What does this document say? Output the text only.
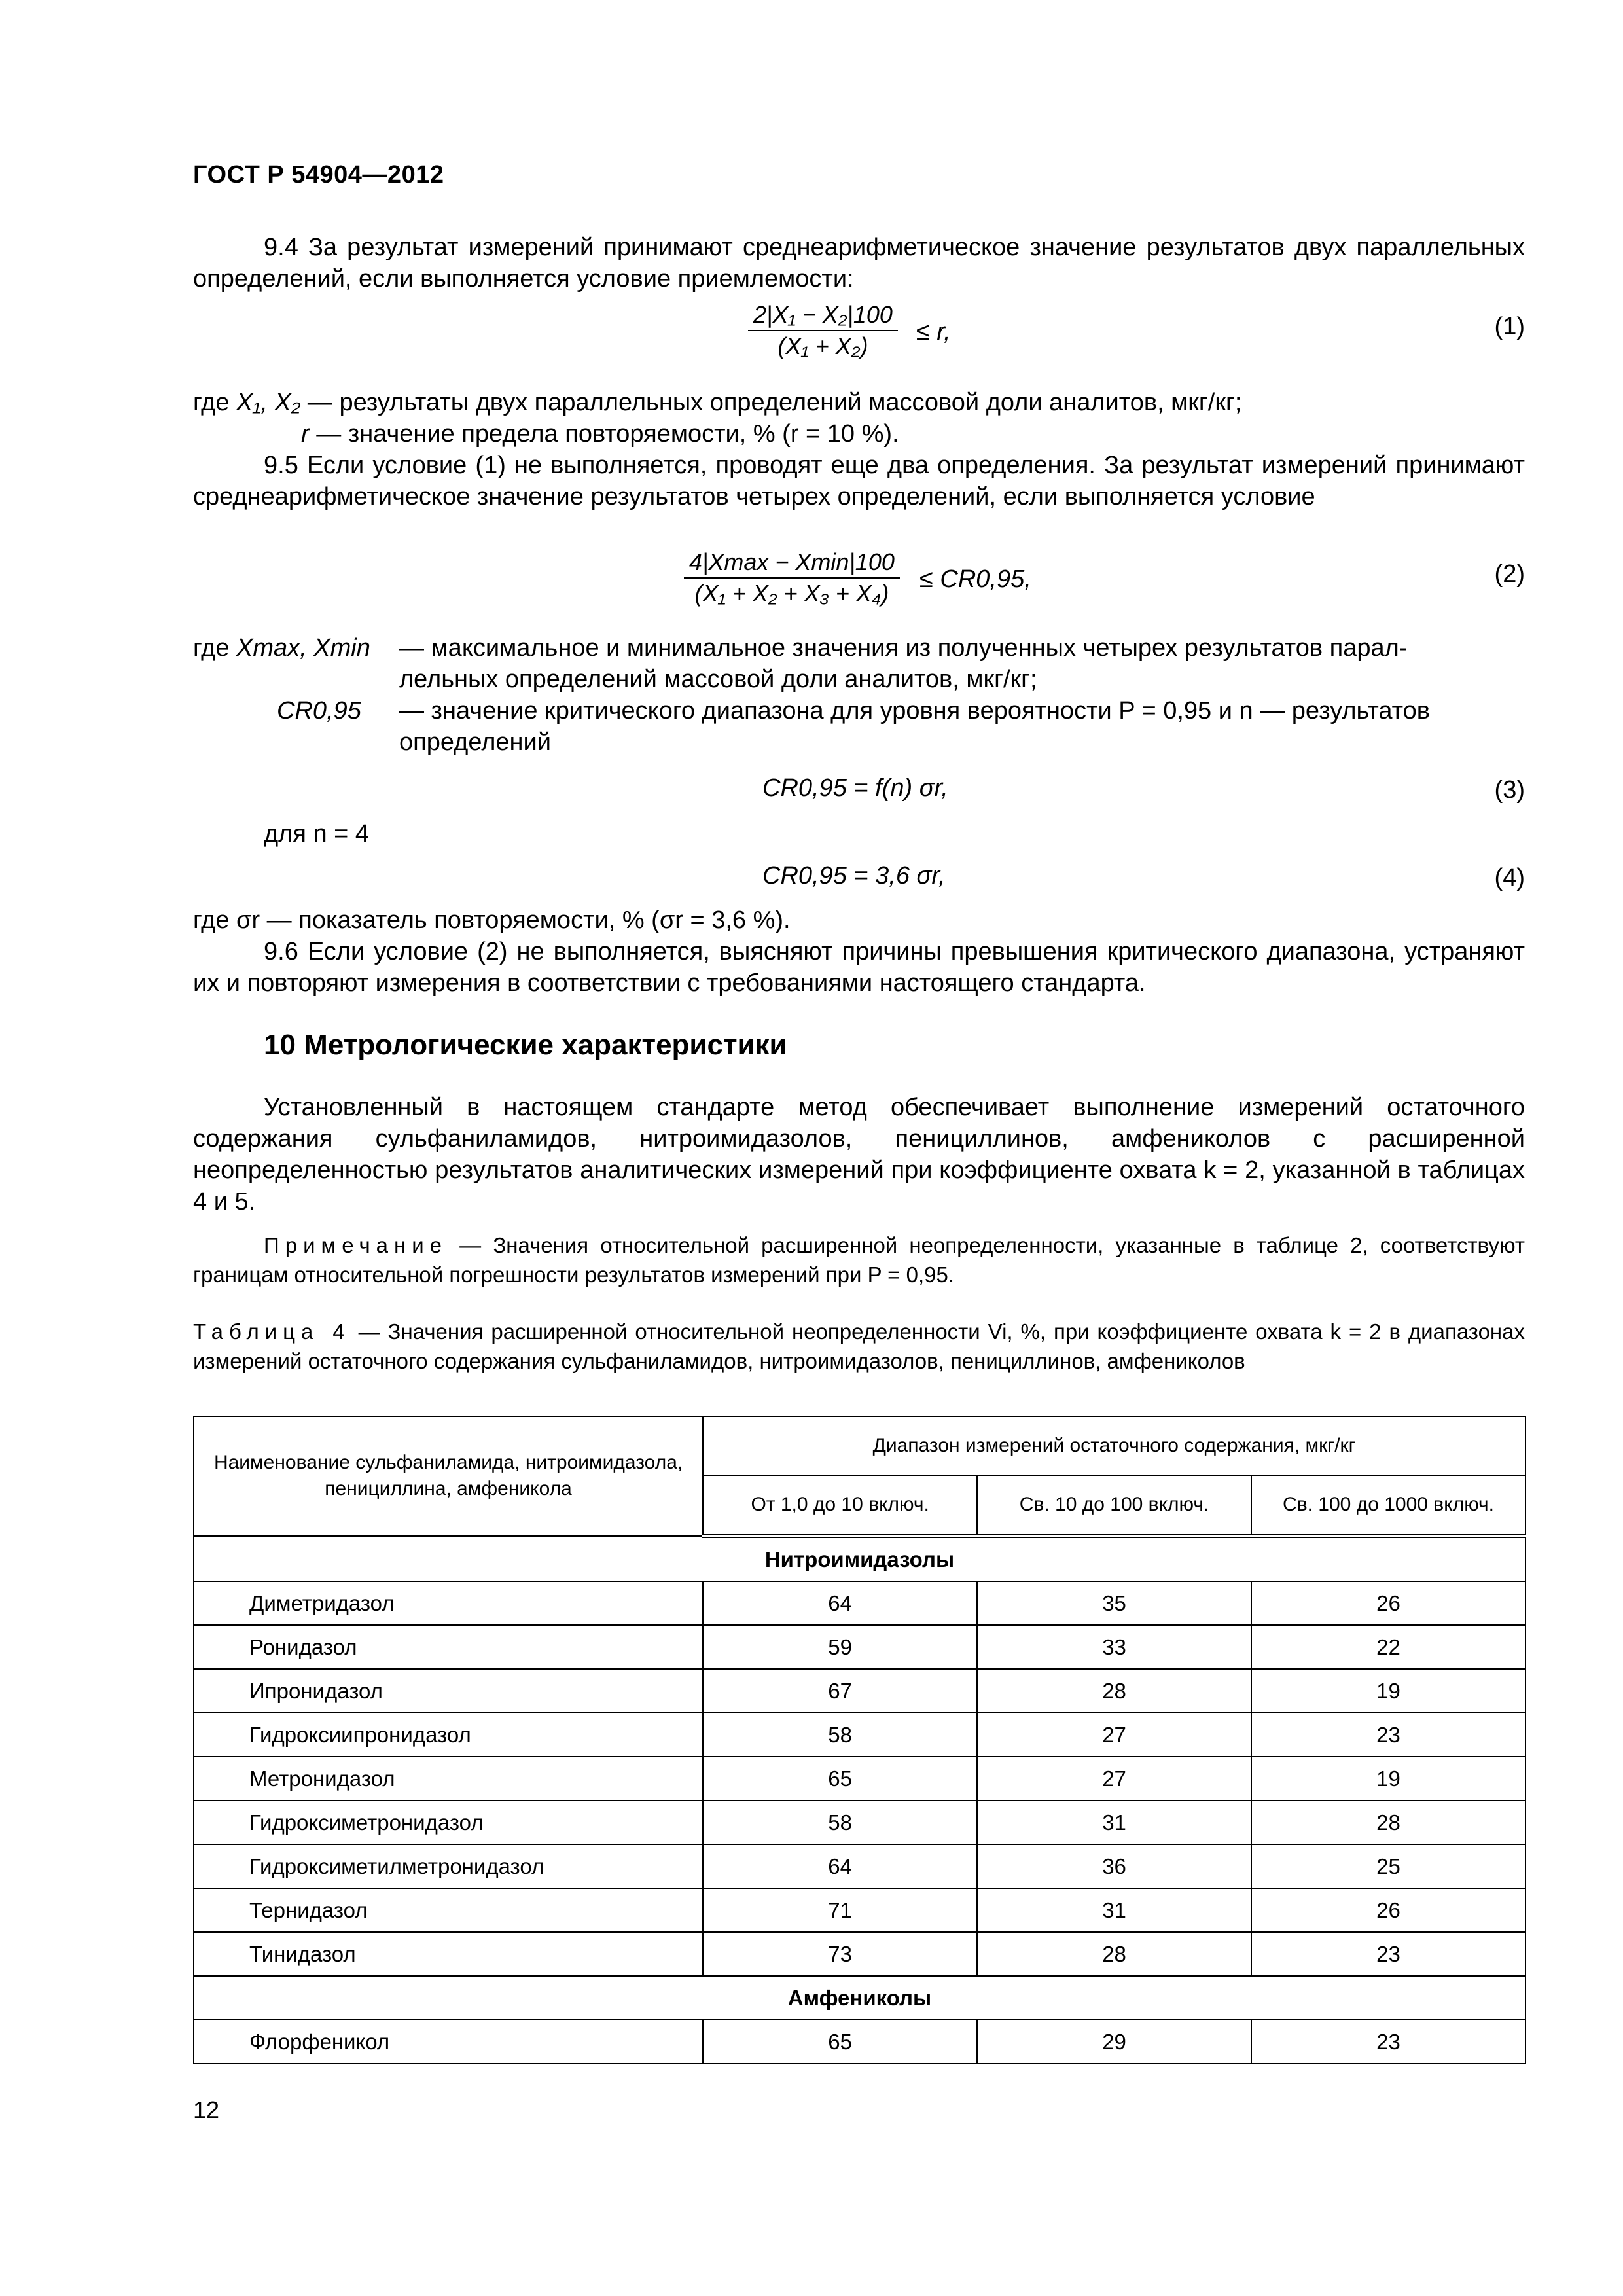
ГОСТ Р 54904—2012
9.4 За результат измерений принимают среднеарифметическое значение результатов двух параллельных определений, если выполняется условие приемлемости:
$\frac{\text{2|X₁ − X₂|100}}{\text{(X₁ + X₂)}} \le r$,	(1)
где X₁, X₂ — результаты двух параллельных определений массовой доли аналитов, мкг/кг;
r — значение предела повторяемости, % (r = 10 %).
9.5 Если условие (1) не выполняется, проводят еще два определения. За результат измерений принимают среднеарифметическое значение результатов четырех определений, если выполняется условие
4|Xmax − Xmin|100
(X₁ + X₂ + X₃ + X₄)
≤ CR0,95,	(2)
где Xmax, Xmin — максимальное и минимальное значения из полученных четырех результатов парал-
лельных определений массовой доли аналитов, мкг/кг;
CR0,95 — значение критического диапазона для уровня вероятности P = 0,95 и n — результатов
определений
CR0,95 = f(n) σr,	(3)
для n = 4
CR0,95 = 3,6 σr,	(4)
где σr — показатель повторяемости, % (σr = 3,6 %).
9.6 Если условие (2) не выполняется, выясняют причины превышения критического диапазона, устраняют их и повторяют измерения в соответствии с требованиями настоящего стандарта.
10 Метрологические характеристики
Установленный в настоящем стандарте метод обеспечивает выполнение измерений остаточного содержания сульфаниламидов, нитроимидазолов, пенициллинов, амфениколов с расширенной неопределенностью результатов аналитических измерений при коэффициенте охвата k = 2, указанной в таблицах 4 и 5.
Примечание — Значения относительной расширенной неопределенности, указанные в таблице 2, соответствуют границам относительной погрешности результатов измерений при P = 0,95.
Таблица 4 — Значения расширенной относительной неопределенности Vi, %, при коэффициенте охвата k = 2 в диапазонах измерений остаточного содержания сульфаниламидов, нитроимидазолов, пенициллинов, амфениколов
Наименование сульфаниламида, нитроимидазола, пенициллина, амфеникола	Диапазон измерений остаточного содержания, мкг/кг		
	От 1,0 до 10 включ.	Св. 10 до 100 включ.	Св. 100 до 1000 включ.
Нитроимидазолы			
Диметридазол	64	35	26
Ронидазол	59	33	22
Ипронидазол	67	28	19
Гидроксиипронидазол	58	27	23
Метронидазол	65	27	19
Гидроксиметронидазол	58	31	28
Гидроксиметилметронидазол	64	36	25
Тернидазол	71	31	26
Тинидазол	73	28	23
Амфениколы			
Флорфеникол	65	29	23
12
